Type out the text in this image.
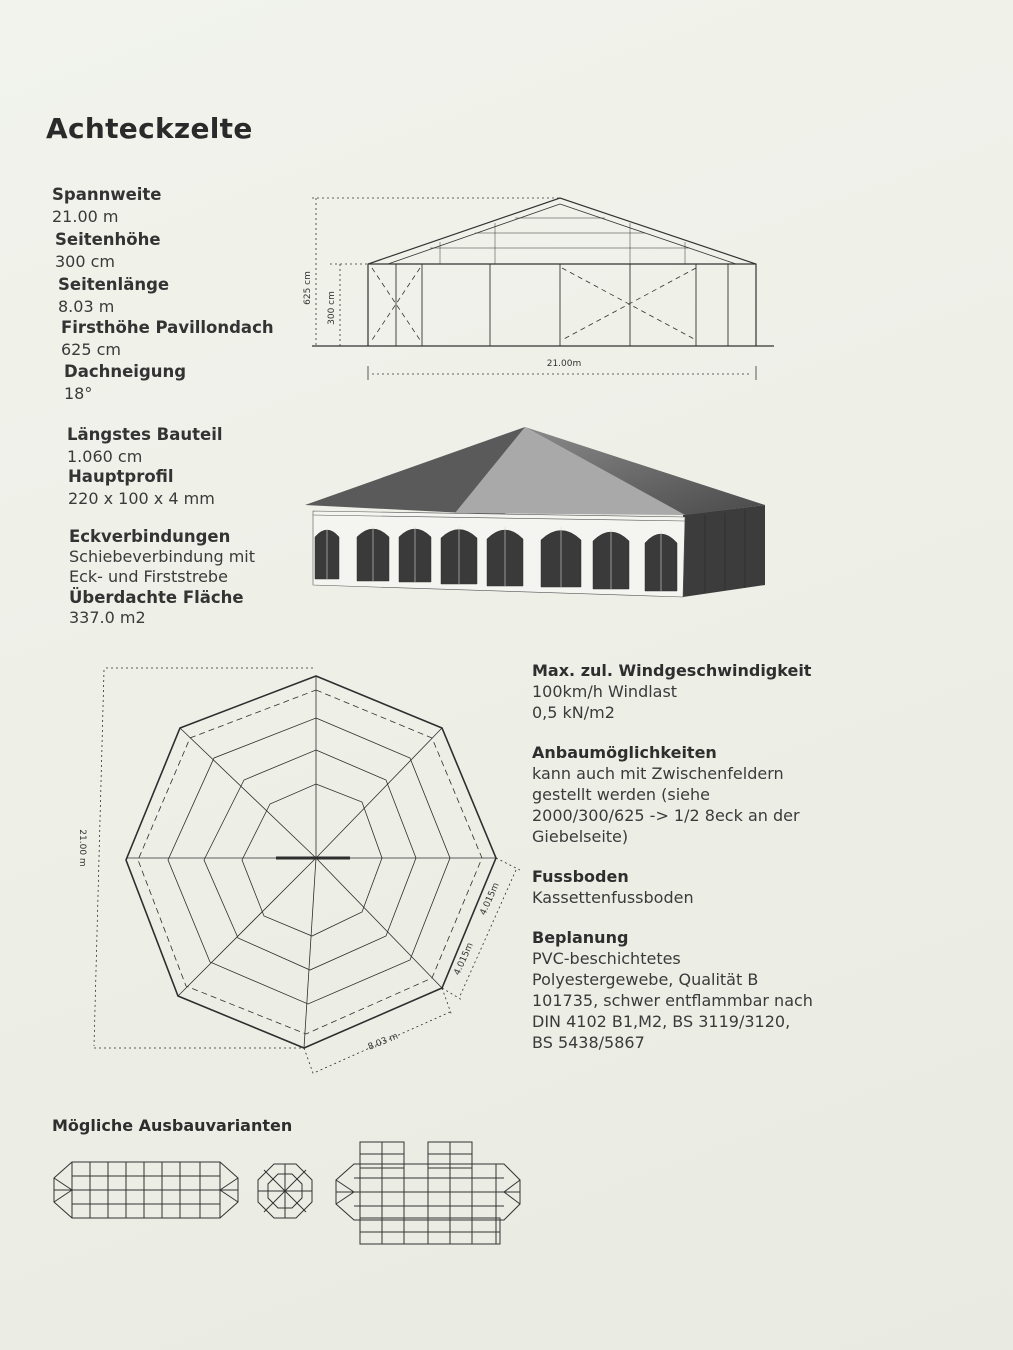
Achteckzelte
Spannweite
21.00 m
Seitenhöhe
300 cm
Seitenlänge
8.03 m
Firsthöhe Pavillondach
625 cm
Dachneigung
18°
Längstes Bauteil
1.060 cm
Hauptprofil
220 x 100 x 4 mm
Eckverbindungen
Schiebeverbindung mit
Eck- und Firststrebe
Überdachte Fläche
337.0 m2
625 cm
300 cm
21.00m
21.00 m
8.03 m
4.015m
4.015m
Max. zul. Windgeschwindigkeit
100km/h Windlast
0,5 kN/m2
Anbaumöglichkeiten
kann auch mit Zwischenfeldern
gestellt werden (siehe
2000/300/625 -> 1/2 8eck an der
Giebelseite)
Fussboden
Kassettenfussboden
Beplanung
PVC-beschichtetes
Polyestergewebe, Qualität B
101735, schwer entflammbar nach
DIN 4102 B1,M2, BS 3119/3120,
BS 5438/5867
Mögliche Ausbauvarianten
